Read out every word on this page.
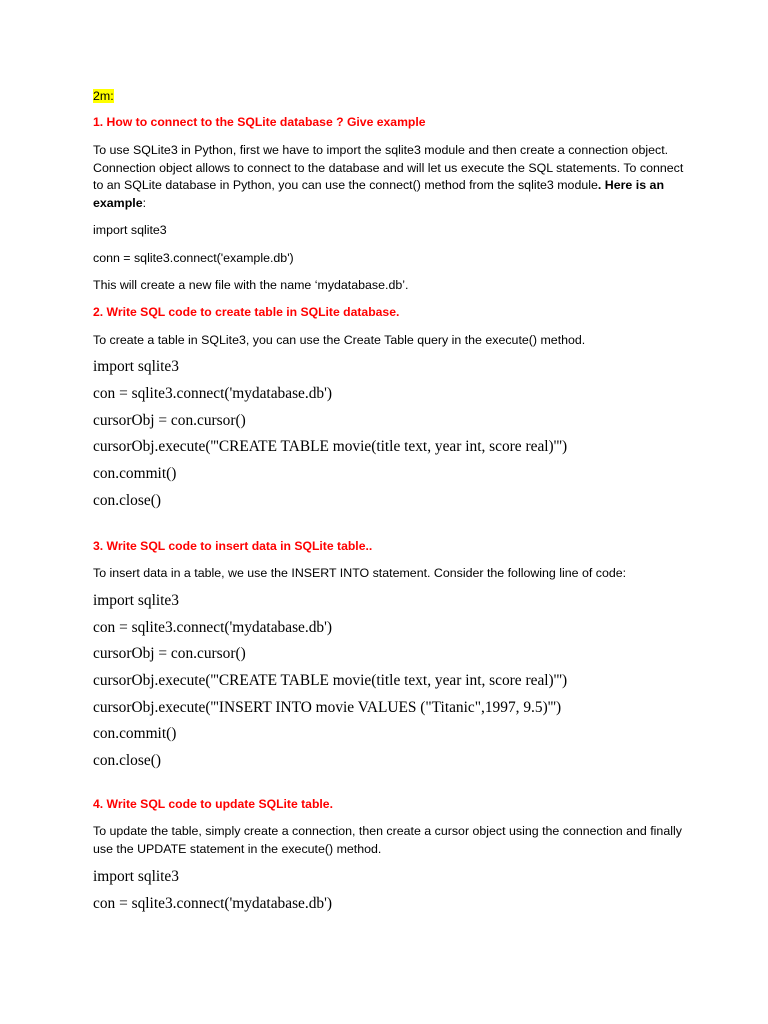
2m:
1. How to connect to the SQLite database ? Give example
To use SQLite3 in Python, first we have to import the sqlite3 module and then create a connection object. Connection object allows to connect to the database and will let us execute the SQL statements. To connect to an SQLite database in Python, you can use the connect() method from the sqlite3 module. Here is an example:
import sqlite3
conn = sqlite3.connect('example.db')
This will create a new file with the name ‘mydatabase.db’.
2. Write SQL code to create table in SQLite database.
To create a table in SQLite3, you can use the Create Table query in the execute() method.
import sqlite3
con = sqlite3.connect('mydatabase.db')
cursorObj = con.cursor()
cursorObj.execute('''CREATE TABLE movie(title text, year int, score real)''')
con.commit()
con.close()
3. Write SQL code to insert data in SQLite table..
To insert data in a table, we use the INSERT INTO statement. Consider the following line of code:
import sqlite3
con = sqlite3.connect('mydatabase.db')
cursorObj = con.cursor()
cursorObj.execute('''CREATE TABLE movie(title text, year int, score real)''')
cursorObj.execute('''INSERT INTO movie VALUES ("Titanic",1997, 9.5)''')
con.commit()
con.close()
4. Write SQL code to update SQLite table.
To update the table, simply create a connection, then create a cursor object using the connection and finally use the UPDATE statement in the execute() method.
import sqlite3
con = sqlite3.connect('mydatabase.db')
